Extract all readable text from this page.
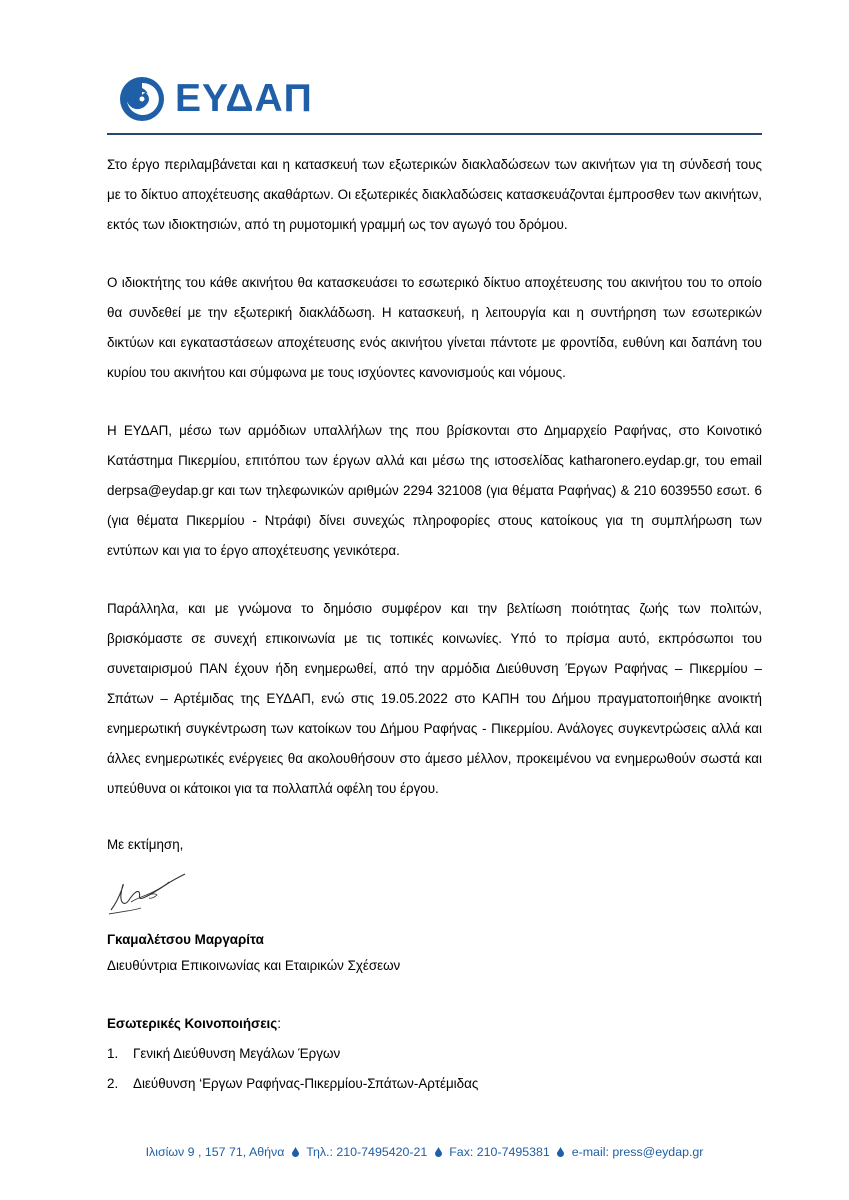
ΕΥΔΑΠ

Στο έργο περιλαμβάνεται και η κατασκευή των εξωτερικών διακλαδώσεων των ακινήτων για τη σύνδεσή τους με το δίκτυο αποχέτευσης ακαθάρτων. Οι εξωτερικές διακλαδώσεις κατασκευάζονται έμπροσθεν των ακινήτων, εκτός των ιδιοκτησιών, από τη ρυμοτομική γραμμή ως τον αγωγό του δρόμου.

Ο ιδιοκτήτης του κάθε ακινήτου θα κατασκευάσει το εσωτερικό δίκτυο αποχέτευσης του ακινήτου του το οποίο θα συνδεθεί με την εξωτερική διακλάδωση. Η κατασκευή, η λειτουργία και η συντήρηση των εσωτερικών δικτύων και εγκαταστάσεων αποχέτευσης ενός ακινήτου γίνεται πάντοτε με φροντίδα, ευθύνη και δαπάνη του κυρίου του ακινήτου και σύμφωνα με τους ισχύοντες κανονισμούς και νόμους.

Η ΕΥΔΑΠ, μέσω των αρμόδιων υπαλλήλων της που βρίσκονται στο Δημαρχείο Ραφήνας, στο Κοινοτικό Κατάστημα Πικερμίου, επιτόπου των έργων αλλά και μέσω της ιστοσελίδας katharonero.eydap.gr, του email derpsa@eydap.gr και των τηλεφωνικών αριθμών 2294 321008 (για θέματα Ραφήνας) & 210 6039550 εσωτ. 6 (για θέματα Πικερμίου - Ντράφι) δίνει συνεχώς πληροφορίες στους κατοίκους για τη συμπλήρωση των εντύπων και για το έργο αποχέτευσης γενικότερα.

Παράλληλα, και με γνώμονα το δημόσιο συμφέρον και την βελτίωση ποιότητας ζωής των πολιτών, βρισκόμαστε σε συνεχή επικοινωνία με τις τοπικές κοινωνίες. Υπό το πρίσμα αυτό, εκπρόσωποι του συνεταιρισμού ΠΑΝ έχουν ήδη ενημερωθεί, από την αρμόδια Διεύθυνση Έργων Ραφήνας – Πικερμίου – Σπάτων – Αρτέμιδας της ΕΥΔΑΠ, ενώ στις 19.05.2022 στο ΚΑΠΗ του Δήμου πραγματοποιήθηκε ανοικτή ενημερωτική συγκέντρωση των κατοίκων του Δήμου Ραφήνας - Πικερμίου. Ανάλογες συγκεντρώσεις αλλά και άλλες ενημερωτικές ενέργειες θα ακολουθήσουν στο άμεσο μέλλον, προκειμένου να ενημερωθούν σωστά και υπεύθυνα οι κάτοικοι για τα πολλαπλά οφέλη του έργου.

Με εκτίμηση,

Γκαμαλέτσου Μαργαρίτα

Διευθύντρια Επικοινωνίας και Εταιρικών Σχέσεων

Εσωτερικές Κοινοποιήσεις:

1.	Γενική Διεύθυνση Μεγάλων Έργων
2.	Διεύθυνση ‘Εργων Ραφήνας-Πικερμίου-Σπάτων-Αρτέμιδας
Ιλισίων 9 , 157 71, Αθήνα Τηλ.: 210-7495420-21 Fax: 210-7495381 e-mail: press@eydap.gr
